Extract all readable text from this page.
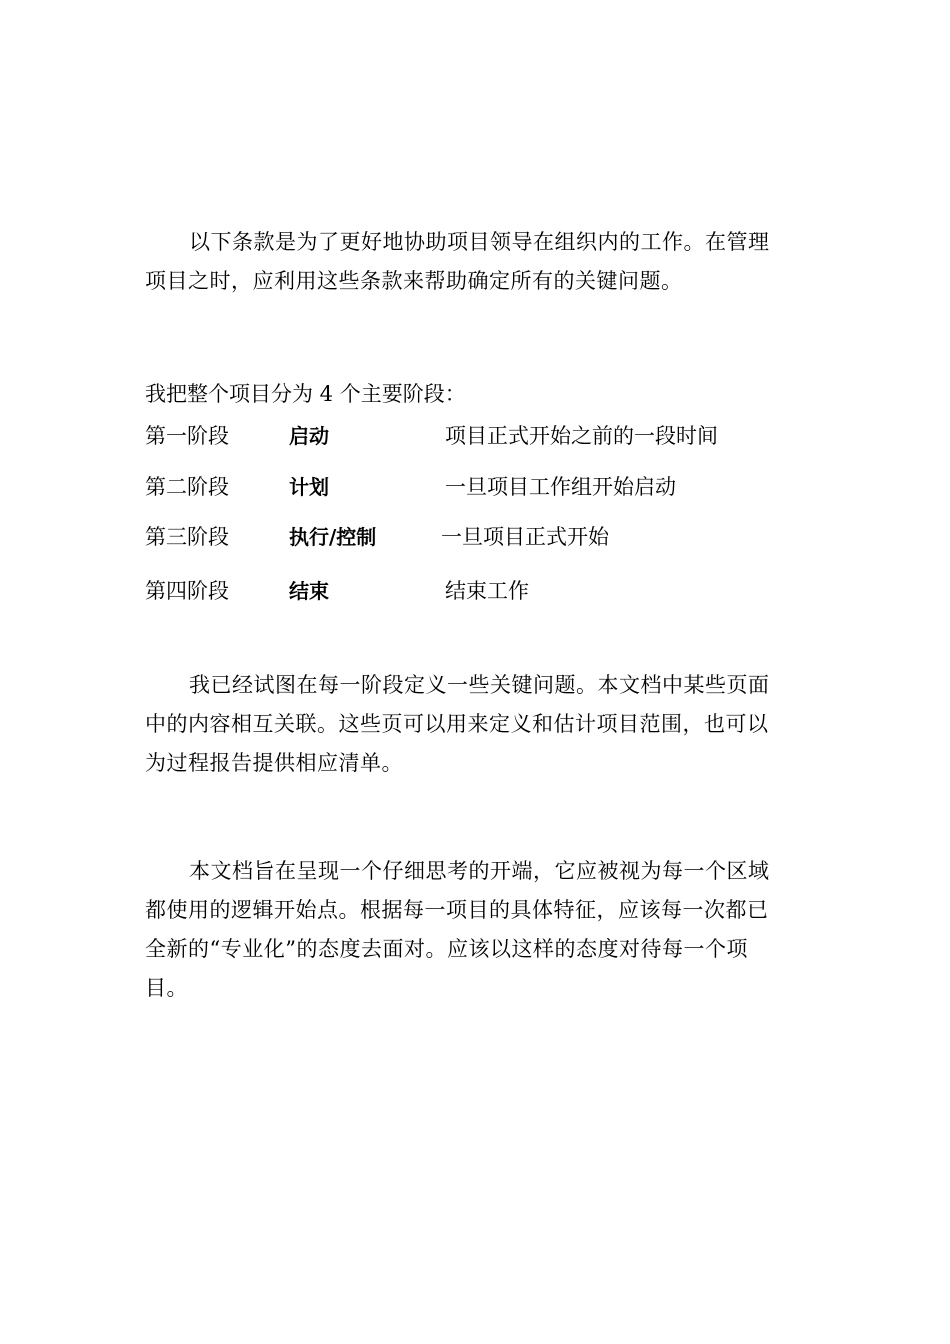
以下条款是为了更好地协助项目领导在组织内的工作。在管理
项目之时，应利用这些条款来帮助确定所有的关键问题。

我把整个项目分为 4 个主要阶段：

第一阶段	启动	项目正式开始之前的一段时间
第二阶段	计划	一旦项目工作组开始启动
第三阶段	执行/控制	一旦项目正式开始
第四阶段	结束	结束工作

我已经试图在每一阶段定义一些关键问题。本文档中某些页面
中的内容相互关联。这些页可以用来定义和估计项目范围，也可以
为过程报告提供相应清单。

本文档旨在呈现一个仔细思考的开端，它应被视为每一个区域
都使用的逻辑开始点。根据每一项目的具体特征，应该每一次都已
全新的“专业化”的态度去面对。应该以这样的态度对待每一个项
目。
